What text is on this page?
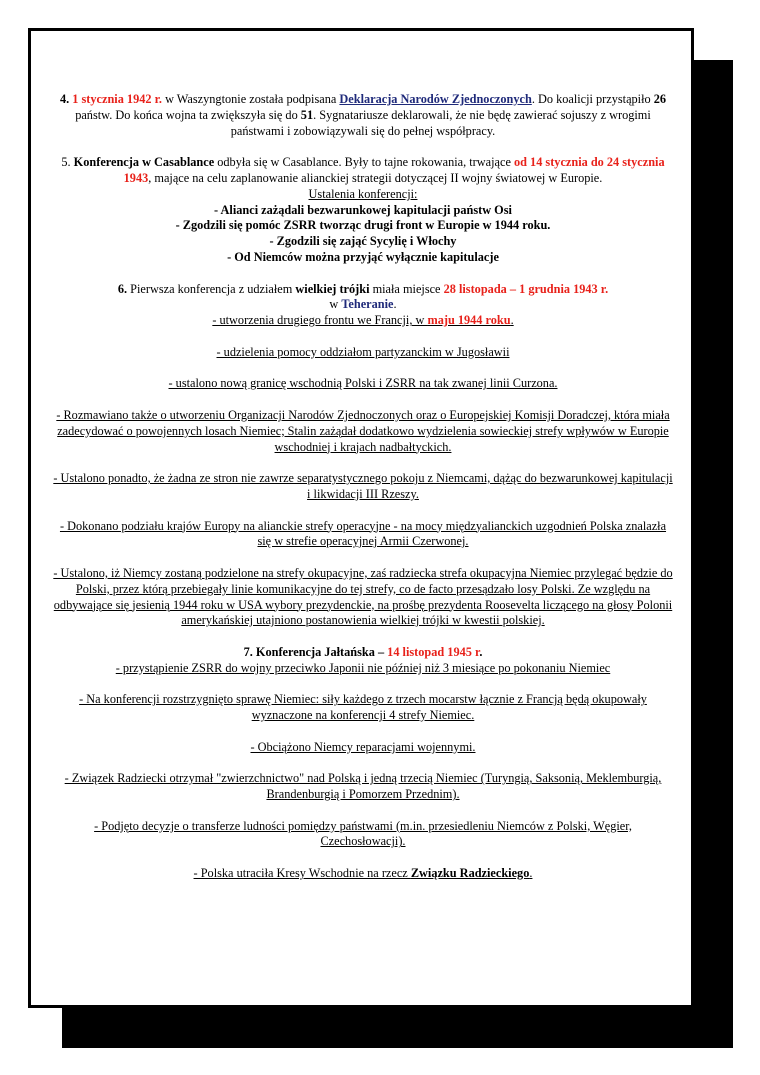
4. 1 stycznia 1942 r. w Waszyngtonie została podpisana Deklaracja Narodów Zjednoczonych. Do koalicji przystąpiło 26 państw. Do końca wojna ta zwiększyła się do 51. Sygnatariusze deklarowali, że nie będę zawierać sojuszy z wrogimi państwami i zobowiązywali się do pełnej współpracy.

5. Konferencja w Casablance odbyła się w Casablance. Były to tajne rokowania, trwające od 14 stycznia do 24 stycznia 1943, mające na celu zaplanowanie alianckiej strategii dotyczącej II wojny światowej w Europie.

Ustalenia konferencji:

- Alianci zażądali bezwarunkowej kapitulacji państw Osi

- Zgodzili się pomóc ZSRR tworząc drugi front w Europie w 1944 roku.

- Zgodzili się zająć Sycylię i Włochy

- Od Niemców można przyjąć wyłącznie kapitulacje

6. Pierwsza konferencja z udziałem wielkiej trójki miała miejsce 28 listopada – 1 grudnia 1943 r.

w Teheranie.

- utworzenia drugiego frontu we Francji, w maju 1944 roku.

- udzielenia pomocy oddziałom partyzanckim w Jugosławii

- ustalono nową granicę wschodnią Polski i ZSRR na tak zwanej linii Curzona.

- Rozmawiano także o utworzeniu Organizacji Narodów Zjednoczonych oraz o Europejskiej Komisji Doradczej, która miała zadecydować o powojennych losach Niemiec; Stalin zażądał dodatkowo wydzielenia sowieckiej strefy wpływów w Europie wschodniej i krajach nadbałtyckich.

- Ustalono ponadto, że żadna ze stron nie zawrze separatystycznego pokoju z Niemcami, dążąc do bezwarunkowej kapitulacji i likwidacji III Rzeszy.

- Dokonano podziału krajów Europy na alianckie strefy operacyjne - na mocy międzyalianckich uzgodnień Polska znalazła się w strefie operacyjnej Armii Czerwonej.

- Ustalono, iż Niemcy zostaną podzielone na strefy okupacyjne, zaś radziecka strefa okupacyjna Niemiec przylegać będzie do Polski, przez którą przebiegały linie komunikacyjne do tej strefy, co de facto przesądzało losy Polski. Ze względu na odbywające się jesienią 1944 roku w USA wybory prezydenckie, na prośbę prezydenta Roosevelta liczącego na głosy Polonii amerykańskiej utajniono postanowienia wielkiej trójki w kwestii polskiej.

7. Konferencja Jałtańska – 14 listopad 1945 r.

- przystąpienie ZSRR do wojny przeciwko Japonii nie później niż 3 miesiące po pokonaniu Niemiec

- Na konferencji rozstrzygnięto sprawę Niemiec: siły każdego z trzech mocarstw łącznie z Francją będą okupowały wyznaczone na konferencji 4 strefy Niemiec.

- Obciążono Niemcy reparacjami wojennymi.

- Związek Radziecki otrzymał "zwierzchnictwo" nad Polską i jedną trzecią Niemiec (Turyngią, Saksonią, Meklemburgią, Brandenburgią i Pomorzem Przednim).

- Podjęto decyzje o transferze ludności pomiędzy państwami (m.in. przesiedleniu Niemców z Polski, Węgier, Czechosłowacji).

- Polska utraciła Kresy Wschodnie na rzecz Związku Radzieckiego.
